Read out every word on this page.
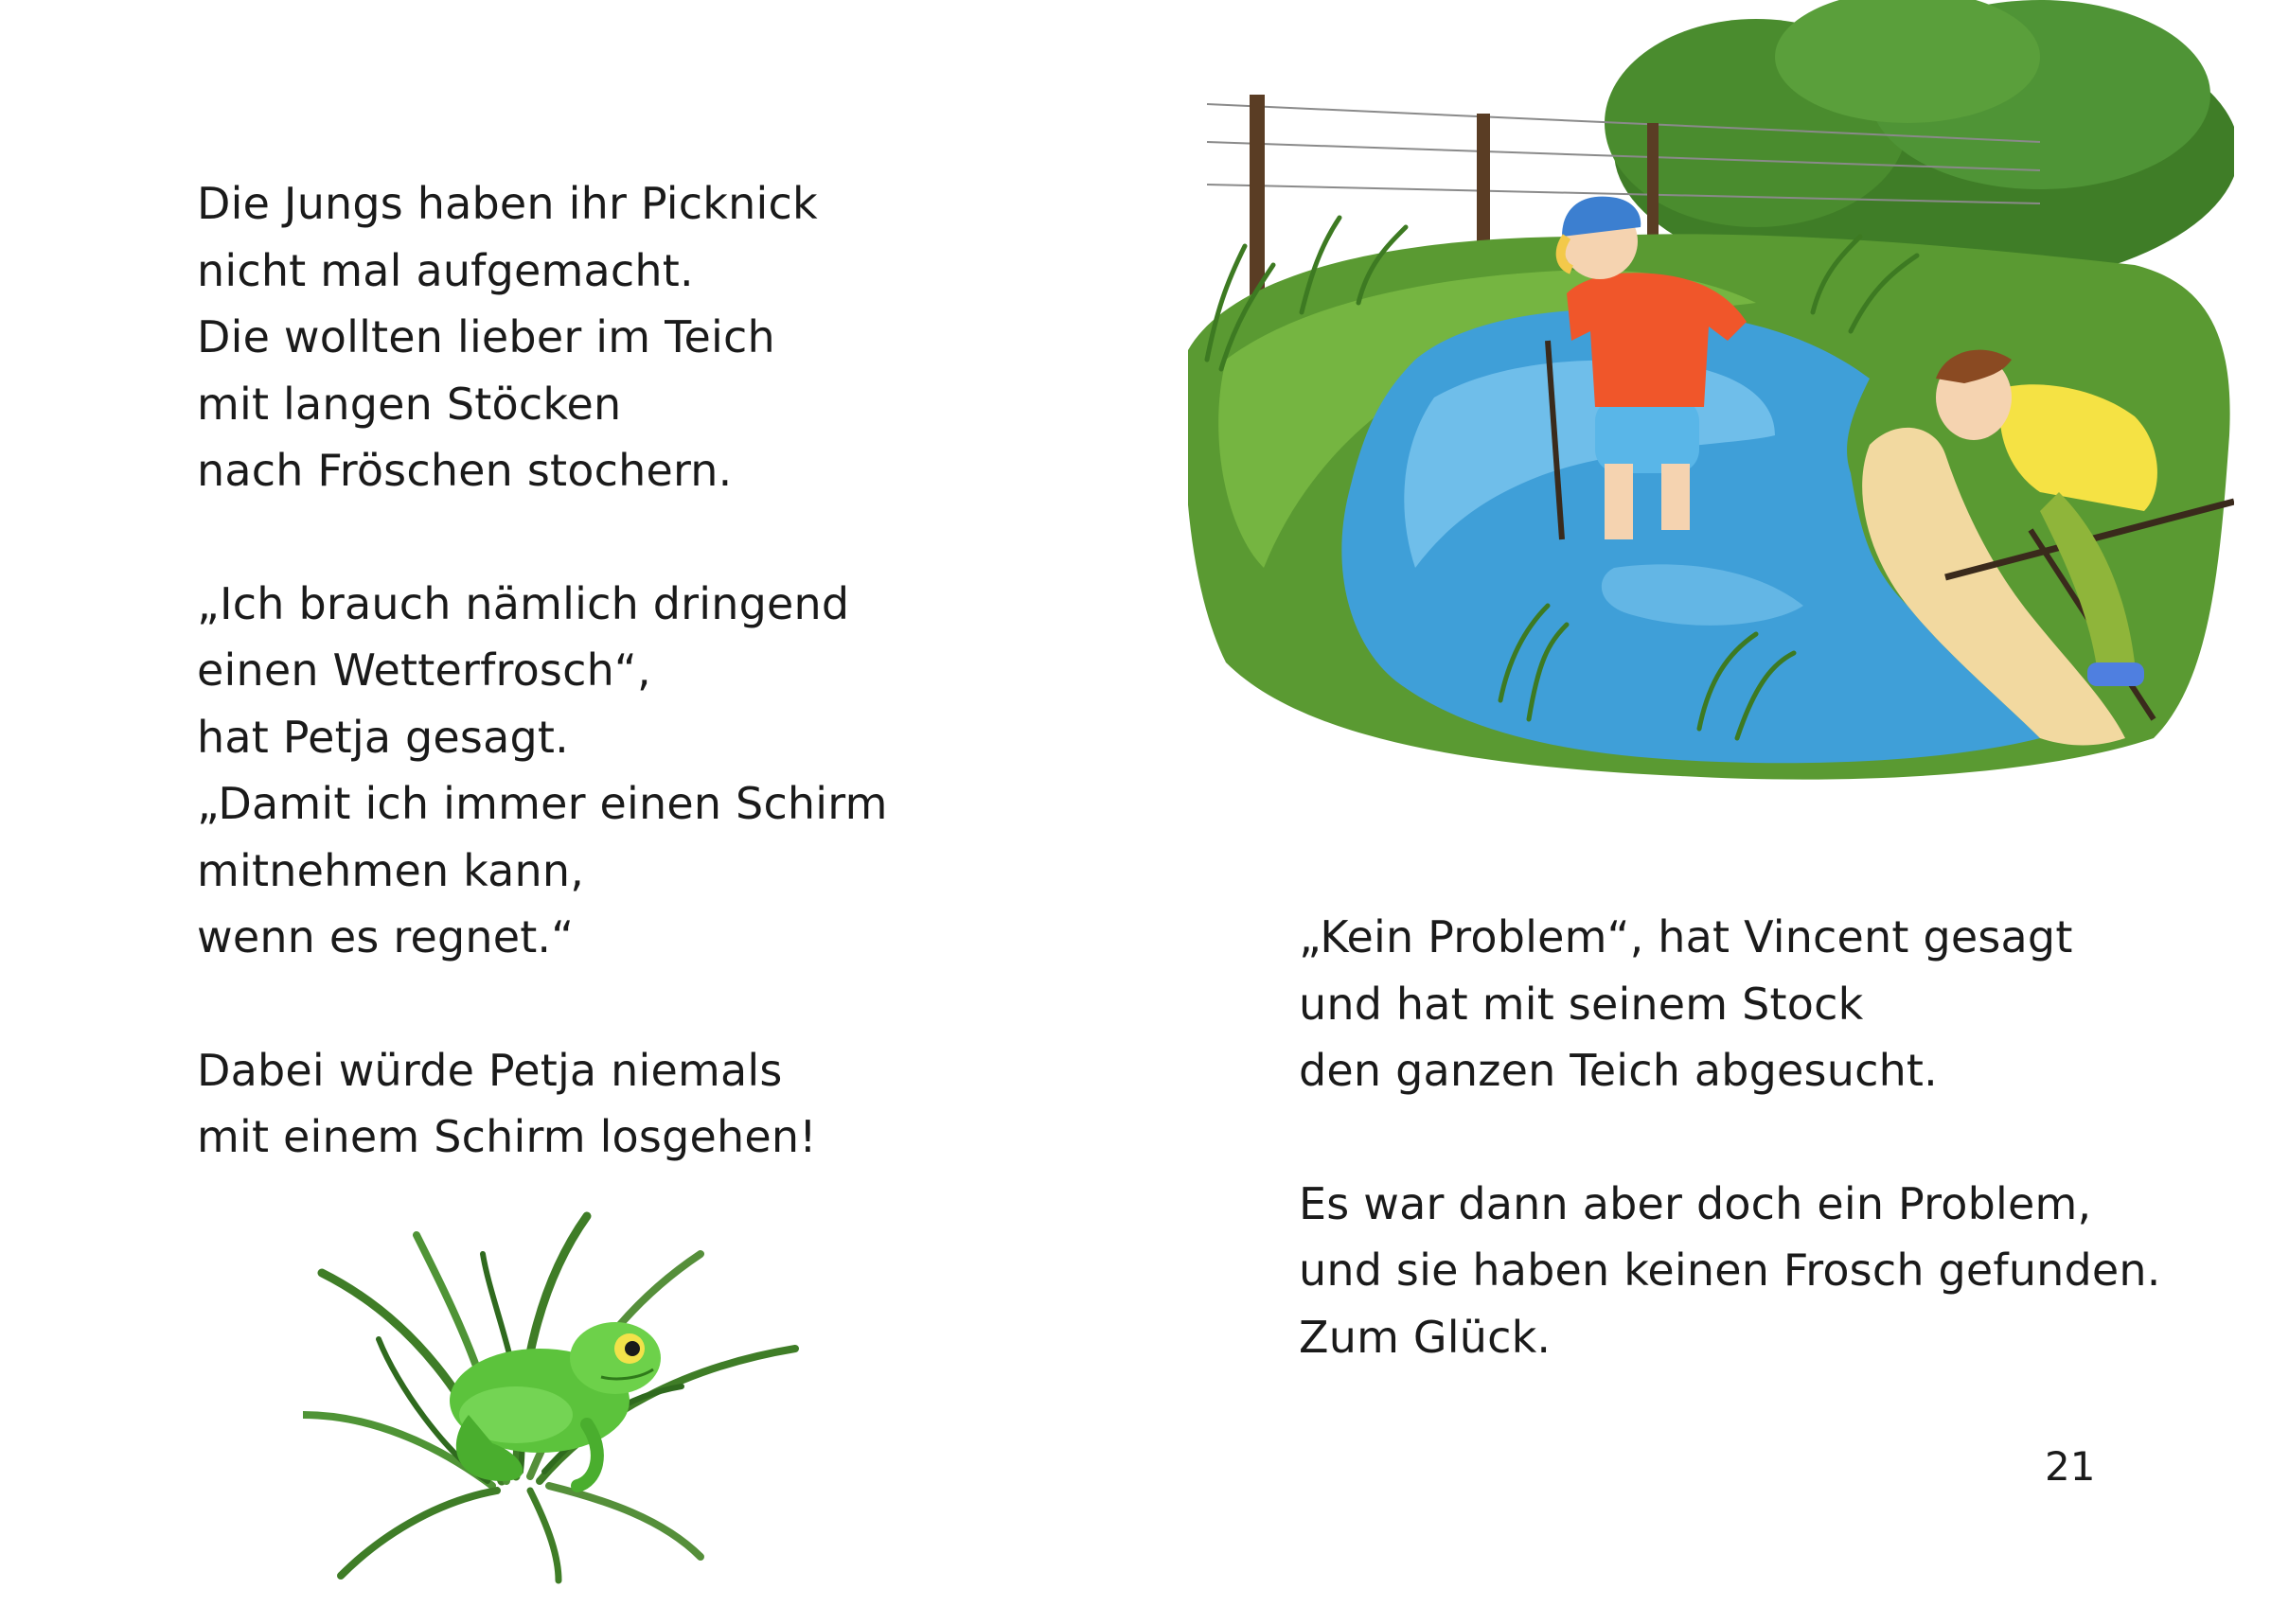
Die Jungs haben ihr Picknick
nicht mal aufgemacht.
Die wollten lieber im Teich
mit langen Stöcken
nach Fröschen stochern.

„Ich brauch nämlich dringend
einen Wetterfrosch“,
hat Petja gesagt.
„Damit ich immer einen Schirm
mitnehmen kann,
wenn es regnet.“

Dabei würde Petja niemals
mit einem Schirm losgehen!

„Kein Problem“, hat Vincent gesagt
und hat mit seinem Stock
den ganzen Teich abgesucht.

Es war dann aber doch ein Problem,
und sie haben keinen Frosch gefunden.
Zum Glück.

21
